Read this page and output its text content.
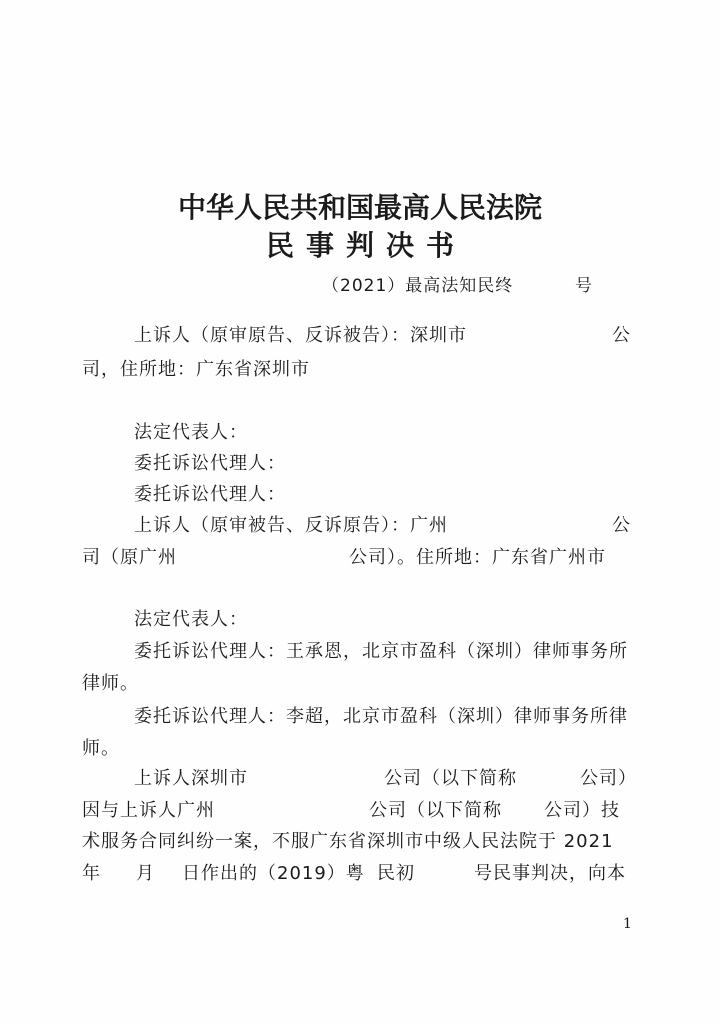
中华人民共和国最高人民法院
民 事 判 决 书
（2021）最高法知民终	号
上诉人（原审原告、反诉被告）：深圳市	公
司，住所地：广东省深圳市
法定代表人：
委托诉讼代理人：
委托诉讼代理人：
上诉人（原审被告、反诉原告）：广州	公
司（原广州	公司）。住所地：广东省广州市
法定代表人：
委托诉讼代理人：王承恩，北京市盈科（深圳）律师事务所
律师。
委托诉讼代理人：李超，北京市盈科（深圳）律师事务所律
师。
上诉人深圳市	公司（以下简称	公司）
因与上诉人广州	公司（以下简称 公司）技
术服务合同纠纷一案，不服广东省深圳市中级人民法院于 2021
年 月 日作出的（2019）粤 民初	号民事判决，向本
1
